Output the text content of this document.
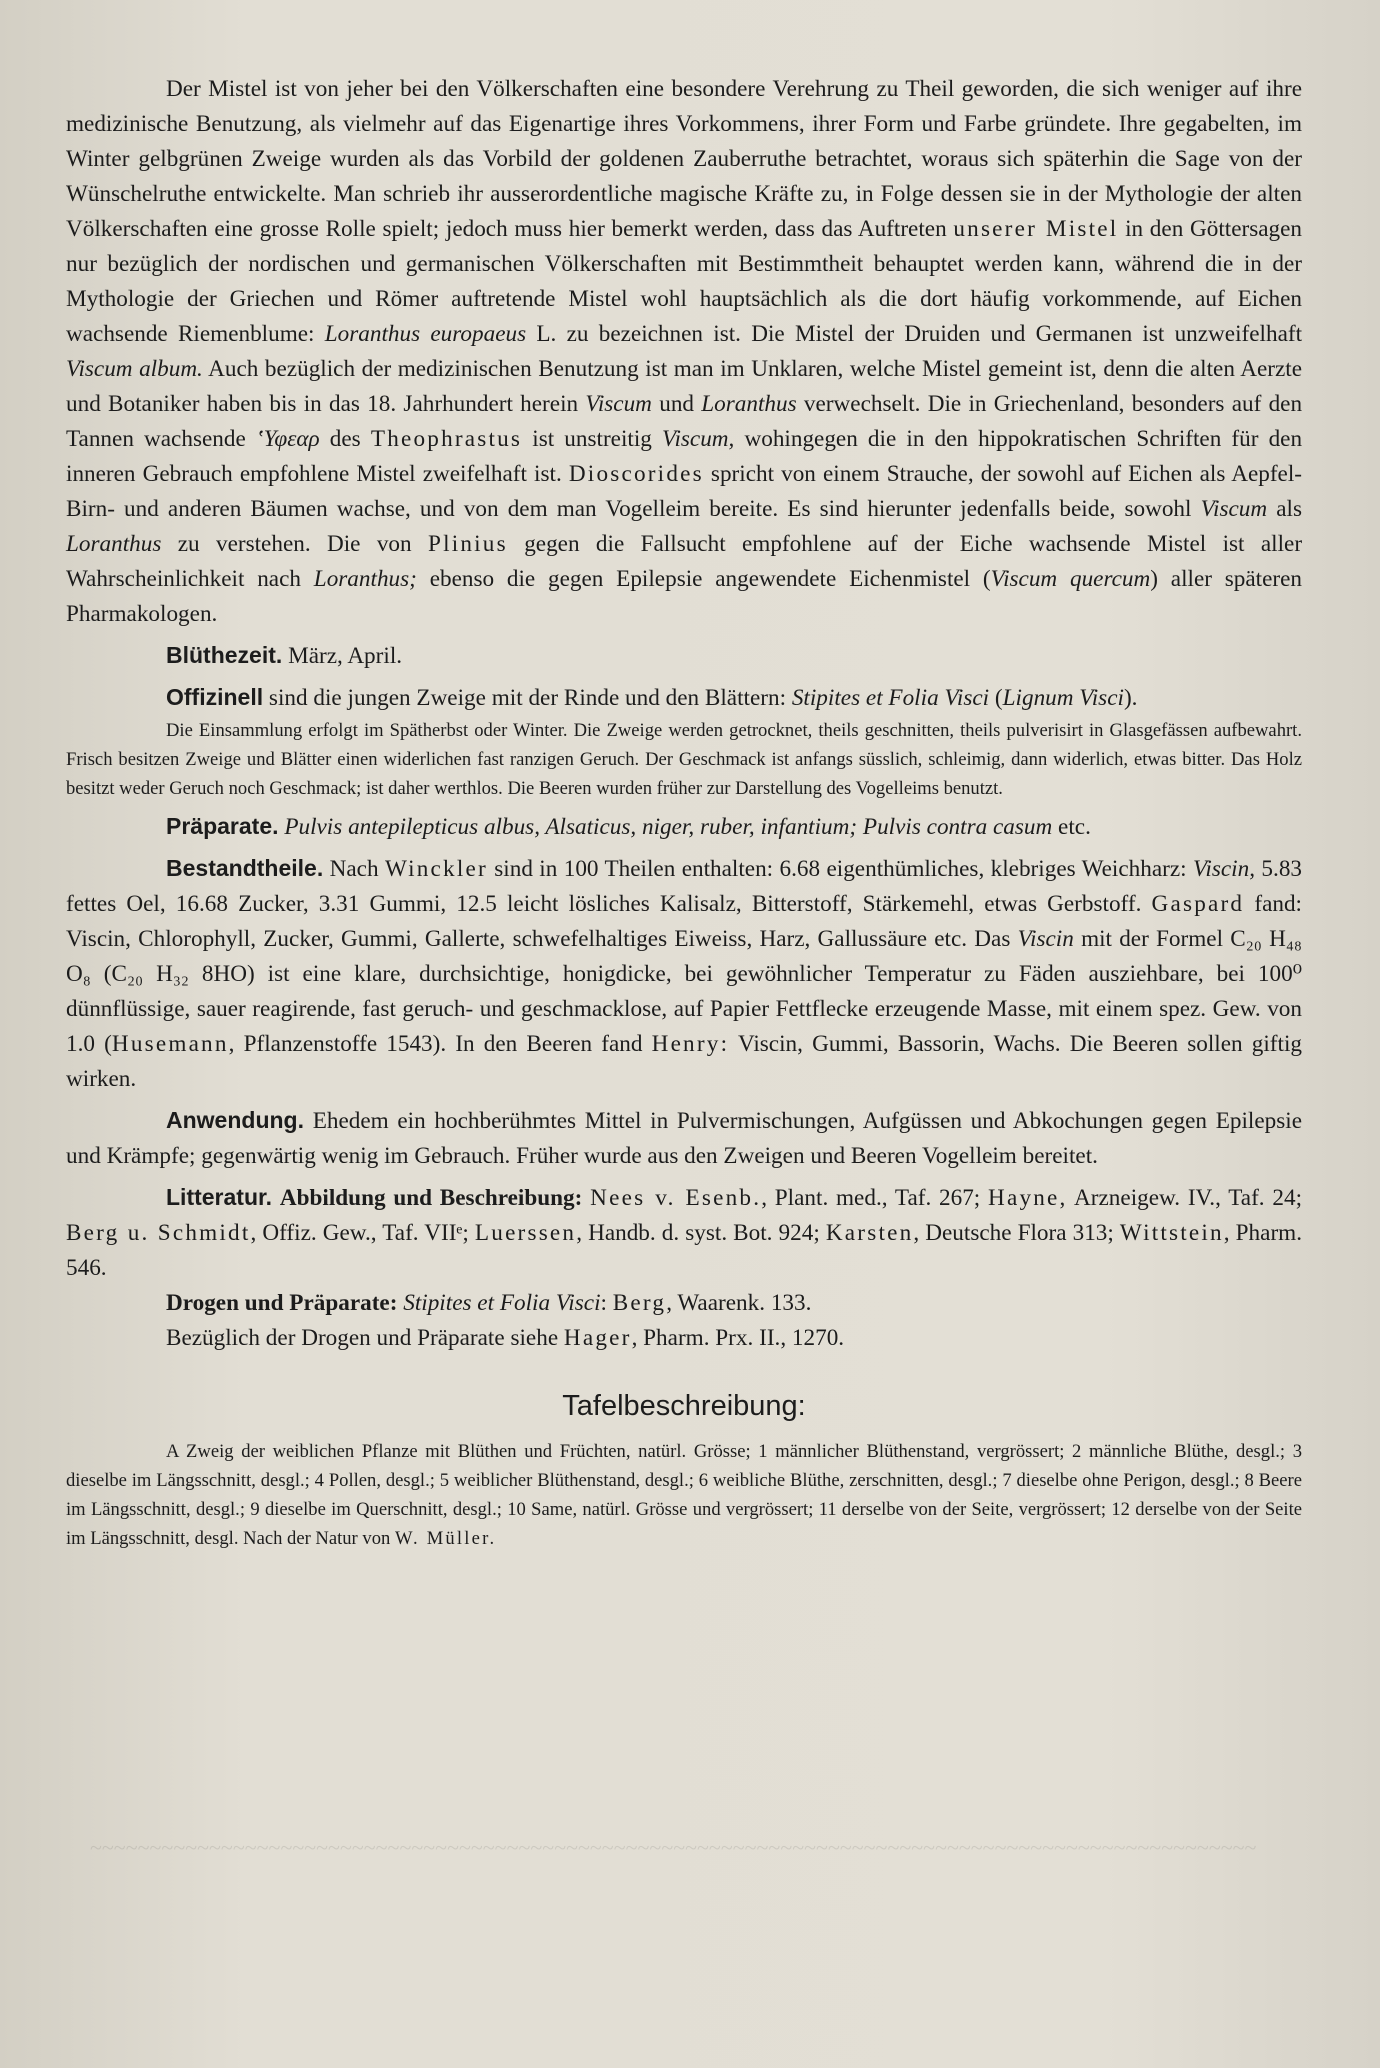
Der Mistel ist von jeher bei den Völkerschaften eine besondere Verehrung zu Theil geworden, die sich weniger auf ihre medizinische Benutzung, als vielmehr auf das Eigenartige ihres Vorkommens, ihrer Form und Farbe gründete. Ihre gegabelten, im Winter gelbgrünen Zweige wurden als das Vorbild der goldenen Zauberruthe betrachtet, woraus sich späterhin die Sage von der Wünschelruthe entwickelte. Man schrieb ihr ausserordentliche magische Kräfte zu, in Folge dessen sie in der Mythologie der alten Völkerschaften eine grosse Rolle spielt; jedoch muss hier bemerkt werden, dass das Auftreten unserer Mistel in den Göttersagen nur bezüglich der nordischen und germanischen Völkerschaften mit Bestimmtheit behauptet werden kann, während die in der Mythologie der Griechen und Römer auftretende Mistel wohl hauptsächlich als die dort häufig vorkommende, auf Eichen wachsende Riemenblume: Loranthus europaeus L. zu bezeichnen ist. Die Mistel der Druiden und Germanen ist unzweifelhaft Viscum album. Auch bezüglich der medizinischen Benutzung ist man im Unklaren, welche Mistel gemeint ist, denn die alten Aerzte und Botaniker haben bis in das 18. Jahrhundert herein Viscum und Loranthus verwechselt. Die in Griechenland, besonders auf den Tannen wachsende ʽΥφεαρ des Theophrastus ist unstreitig Viscum, wohingegen die in den hippokratischen Schriften für den inneren Gebrauch empfohlene Mistel zweifelhaft ist. Dioscorides spricht von einem Strauche, der sowohl auf Eichen als Aepfel- Birn- und anderen Bäumen wachse, und von dem man Vogelleim bereite. Es sind hierunter jedenfalls beide, sowohl Viscum als Loranthus zu verstehen. Die von Plinius gegen die Fallsucht empfohlene auf der Eiche wachsende Mistel ist aller Wahrscheinlichkeit nach Loranthus; ebenso die gegen Epilepsie angewendete Eichenmistel (Viscum quercum) aller späteren Pharmakologen.

Blüthezeit. März, April.

Offizinell sind die jungen Zweige mit der Rinde und den Blättern: Stipites et Folia Visci (Lignum Visci).

Die Einsammlung erfolgt im Spätherbst oder Winter. Die Zweige werden getrocknet, theils geschnitten, theils pulverisirt in Glasgefässen aufbewahrt. Frisch besitzen Zweige und Blätter einen widerlichen fast ranzigen Geruch. Der Geschmack ist anfangs süsslich, schleimig, dann widerlich, etwas bitter. Das Holz besitzt weder Geruch noch Geschmack; ist daher werthlos. Die Beeren wurden früher zur Darstellung des Vogelleims benutzt.

Präparate. Pulvis antepilepticus albus, Alsaticus, niger, ruber, infantium; Pulvis contra casum etc.

Bestandtheile. Nach Winckler sind in 100 Theilen enthalten: 6.68 eigenthümliches, klebriges Weichharz: Viscin, 5.83 fettes Oel, 16.68 Zucker, 3.31 Gummi, 12.5 leicht lösliches Kalisalz, Bitterstoff, Stärkemehl, etwas Gerbstoff. Gaspard fand: Viscin, Chlorophyll, Zucker, Gummi, Gallerte, schwefelhaltiges Eiweiss, Harz, Gallussäure etc. Das Viscin mit der Formel C₂₀ H₄₈ O₈ (C₂₀ H₃₂ 8HO) ist eine klare, durchsichtige, honigdicke, bei gewöhnlicher Temperatur zu Fäden ausziehbare, bei 100⁰ dünnflüssige, sauer reagirende, fast geruch- und geschmacklose, auf Papier Fettflecke erzeugende Masse, mit einem spez. Gew. von 1.0 (Husemann, Pflanzenstoffe 1543). In den Beeren fand Henry: Viscin, Gummi, Bassorin, Wachs. Die Beeren sollen giftig wirken.

Anwendung. Ehedem ein hochberühmtes Mittel in Pulvermischungen, Aufgüssen und Abkochungen gegen Epilepsie und Krämpfe; gegenwärtig wenig im Gebrauch. Früher wurde aus den Zweigen und Beeren Vogelleim bereitet.

Litteratur. Abbildung und Beschreibung: Nees v. Esenb., Plant. med., Taf. 267; Hayne, Arzneigew. IV., Taf. 24; Berg u. Schmidt, Offiz. Gew., Taf. VIIᵉ; Luerssen, Handb. d. syst. Bot. 924; Karsten, Deutsche Flora 313; Wittstein, Pharm. 546.

Drogen und Präparate: Stipites et Folia Visci: Berg, Waarenk. 133.

Bezüglich der Drogen und Präparate siehe Hager, Pharm. Prx. II., 1270.

Tafelbeschreibung:

A Zweig der weiblichen Pflanze mit Blüthen und Früchten, natürl. Grösse; 1 männlicher Blüthenstand, vergrössert; 2 männliche Blüthe, desgl.; 3 dieselbe im Längsschnitt, desgl.; 4 Pollen, desgl.; 5 weiblicher Blüthenstand, desgl.; 6 weibliche Blüthe, zerschnitten, desgl.; 7 dieselbe ohne Perigon, desgl.; 8 Beere im Längsschnitt, desgl.; 9 dieselbe im Querschnitt, desgl.; 10 Same, natürl. Grösse und vergrössert; 11 derselbe von der Seite, vergrössert; 12 derselbe von der Seite im Längsschnitt, desgl. Nach der Natur von W. Müller.

~~~~~~~~~~~~~~~~~~~~~~~~~~~~~~~~~~~~~~~~~~~~~~~~~~~~~~~~~~~~~~~~~~~~~~~~~~~~~~~~~~~~~~~~~~~~~~~~~~
